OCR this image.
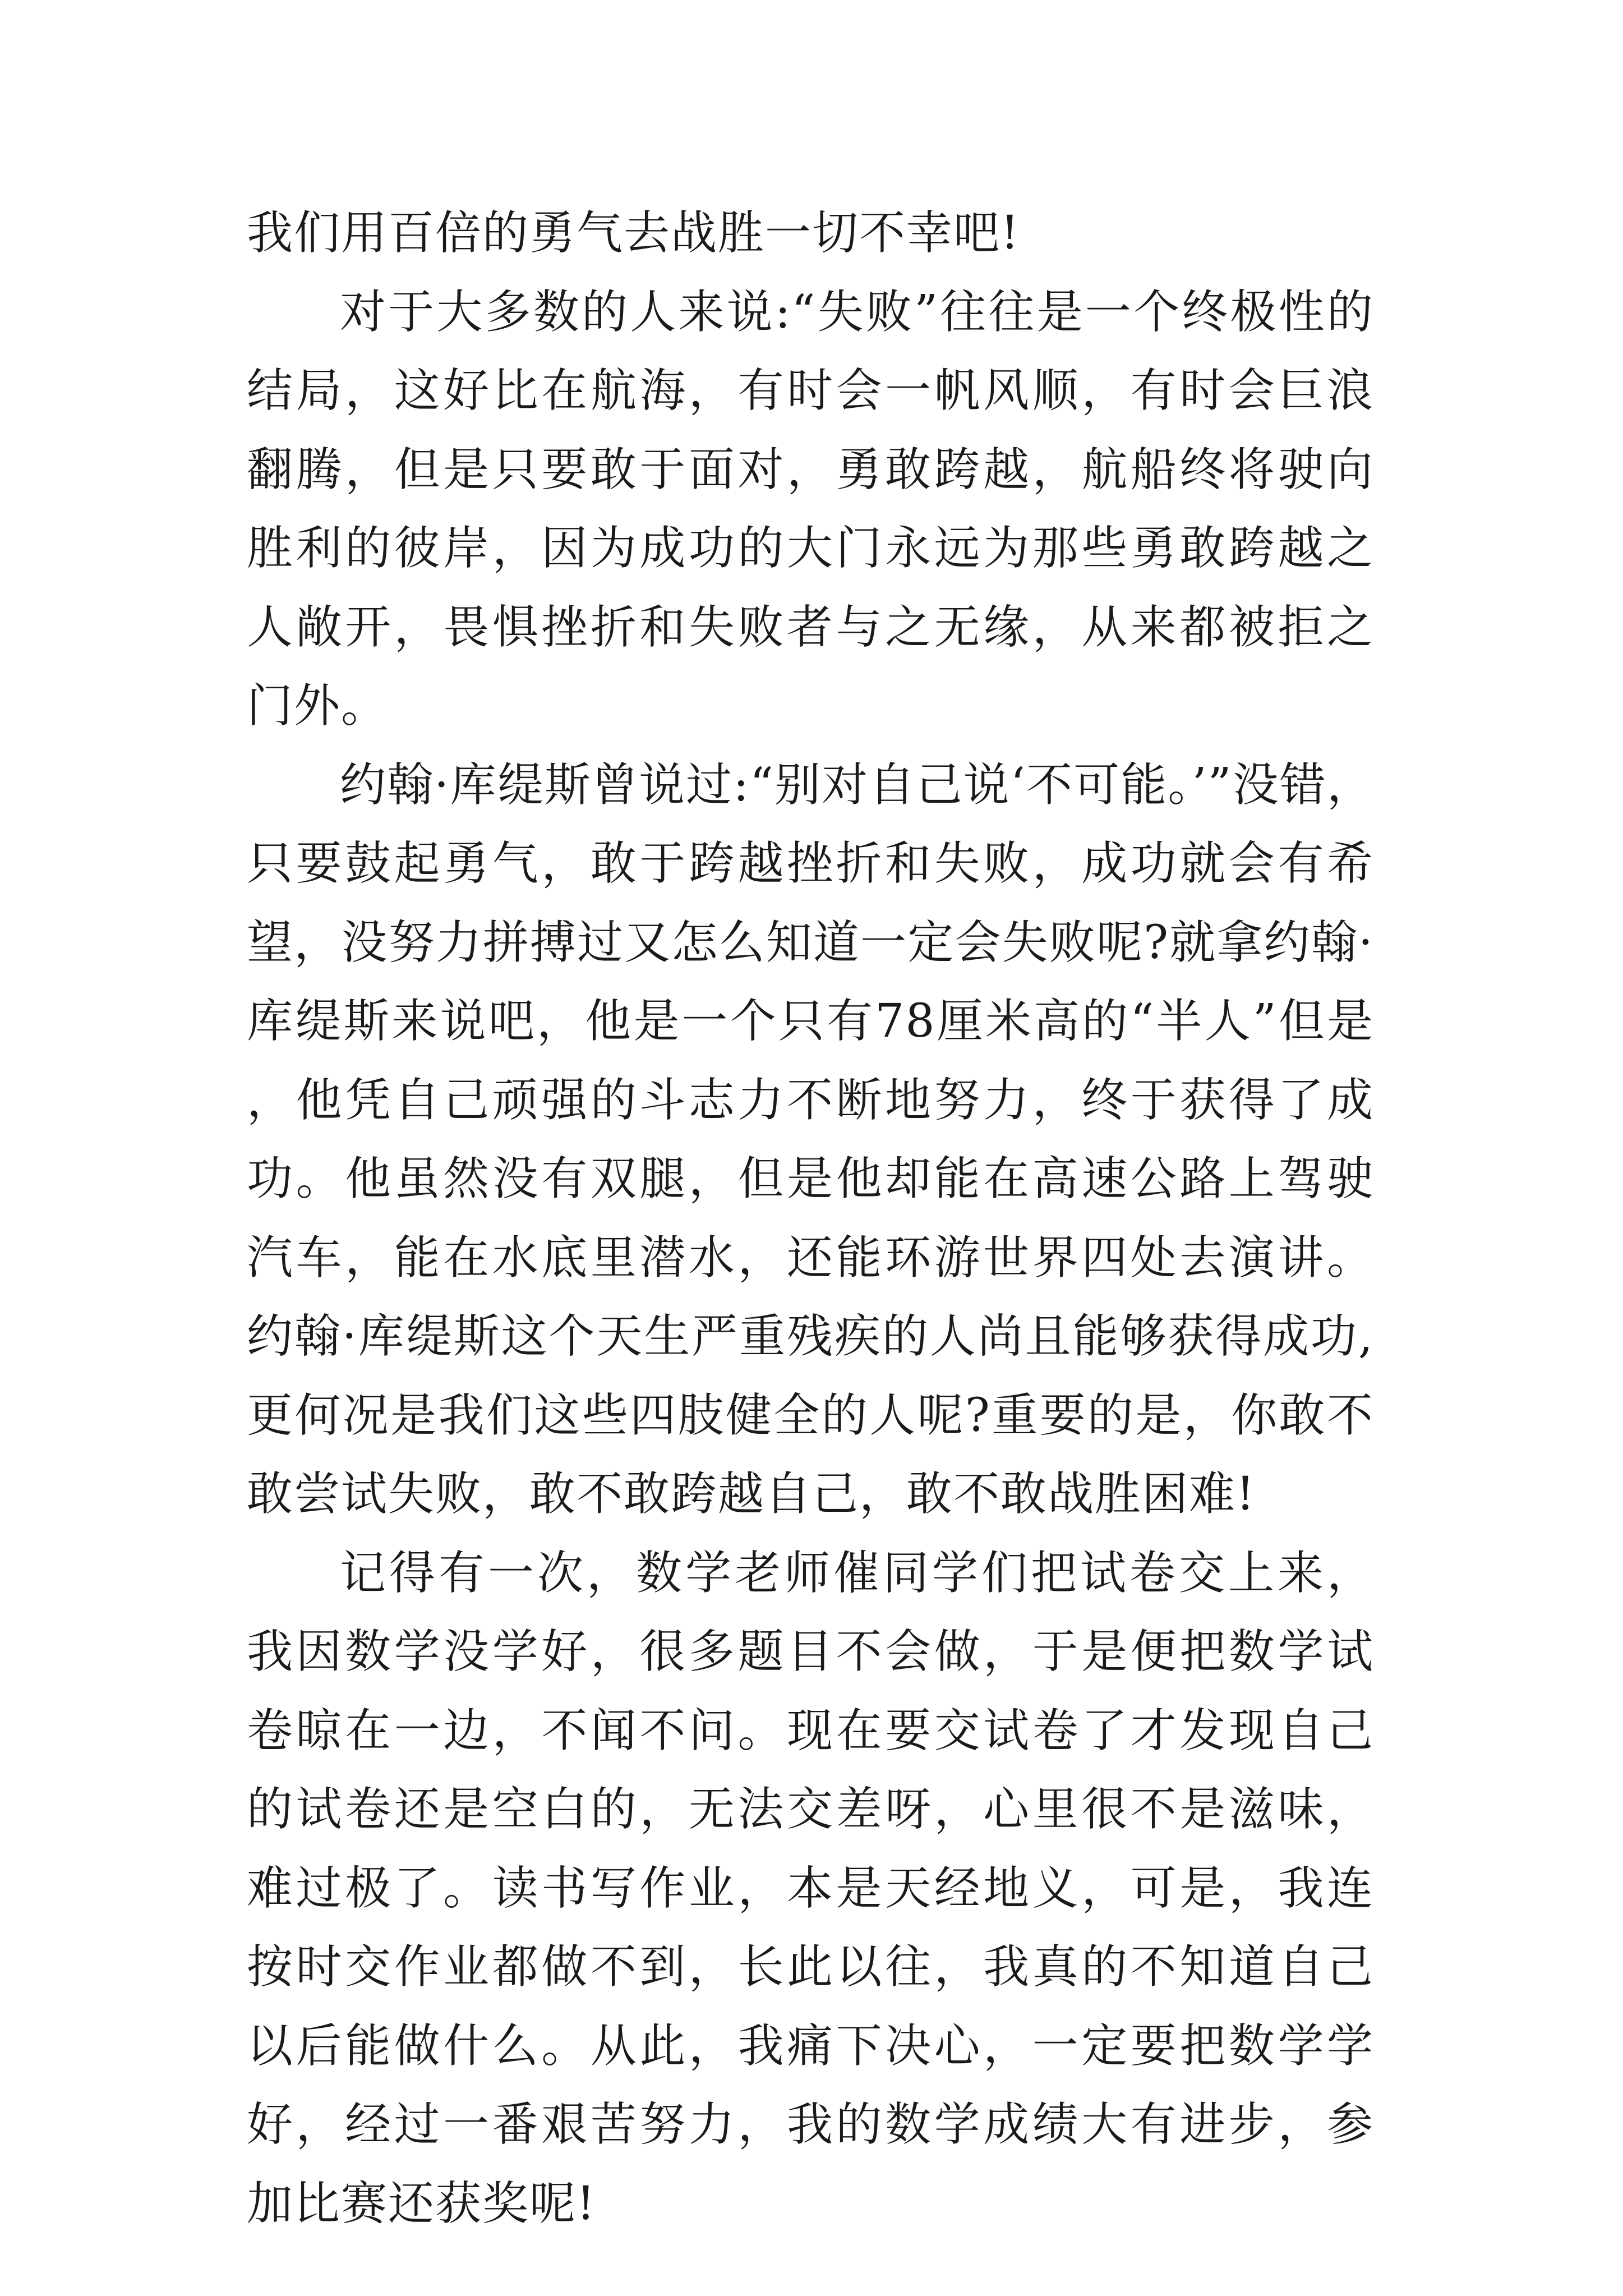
我们用百倍的勇气去战胜一切不幸吧!

对于大多数的人来说:“失败”往往是一个终极性的结局，这好比在航海，有时会一帆风顺，有时会巨浪翻腾，但是只要敢于面对，勇敢跨越，航船终将驶向胜利的彼岸，因为成功的大门永远为那些勇敢跨越之人敞开，畏惧挫折和失败者与之无缘，从来都被拒之门外。

约翰·库缇斯曾说过:“别对自己说‘不可能。’”没错，只要鼓起勇气，敢于跨越挫折和失败，成功就会有希望，没努力拼搏过又怎么知道一定会失败呢?就拿约翰·库缇斯来说吧，他是一个只有78厘米高的“半人”但是，他凭自己顽强的斗志力不断地努力，终于获得了成功。他虽然没有双腿，但是他却能在高速公路上驾驶汽车，能在水底里潜水，还能环游世界四处去演讲。约翰·库缇斯这个天生严重残疾的人尚且能够获得成功,更何况是我们这些四肢健全的人呢?重要的是，你敢不敢尝试失败，敢不敢跨越自己，敢不敢战胜困难!

记得有一次，数学老师催同学们把试卷交上来，我因数学没学好，很多题目不会做，于是便把数学试卷晾在一边，不闻不问。现在要交试卷了才发现自己的试卷还是空白的，无法交差呀，心里很不是滋味，难过极了。读书写作业，本是天经地义，可是，我连按时交作业都做不到，长此以往，我真的不知道自己以后能做什么。从此，我痛下决心，一定要把数学学好，经过一番艰苦努力，我的数学成绩大有进步，参加比赛还获奖呢!
